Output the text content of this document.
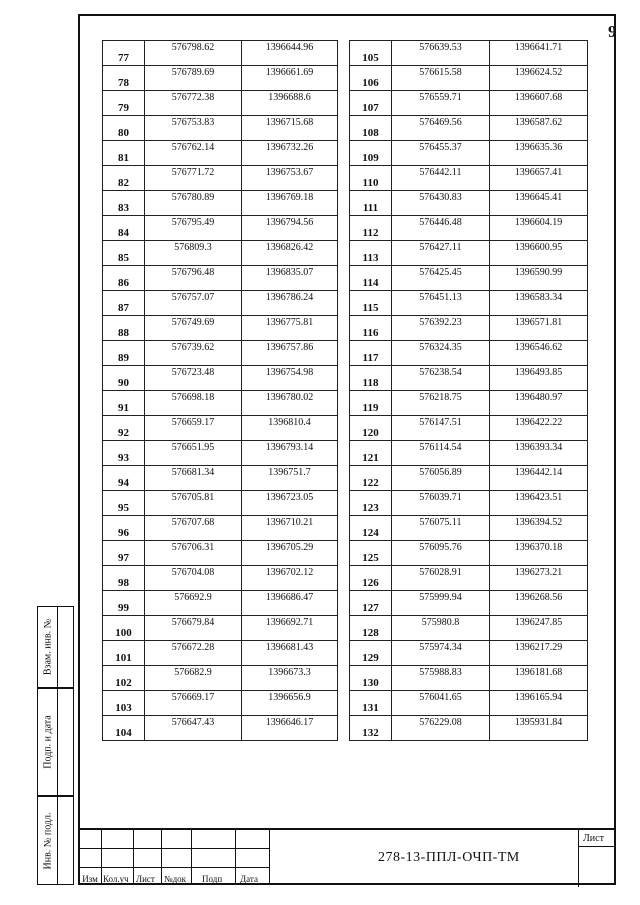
9
77	576798.62	1396644.96
78	576789.69	1396661.69
79	576772.38	1396688.6
80	576753.83	1396715.68
81	576762.14	1396732.26
82	576771.72	1396753.67
83	576780.89	1396769.18
84	576795.49	1396794.56
85	576809.3	1396826.42
86	576796.48	1396835.07
87	576757.07	1396786.24
88	576749.69	1396775.81
89	576739.62	1396757.86
90	576723.48	1396754.98
91	576698.18	1396780.02
92	576659.17	1396810.4
93	576651.95	1396793.14
94	576681.34	1396751.7
95	576705.81	1396723.05
96	576707.68	1396710.21
97	576706.31	1396705.29
98	576704.08	1396702.12
99	576692.9	1396686.47
100	576679.84	1396692.71
101	576672.28	1396681.43
102	576682.9	1396673.3
103	576669.17	1396656.9
104	576647.43	1396646.17
105	576639.53	1396641.71
106	576615.58	1396624.52
107	576559.71	1396607.68
108	576469.56	1396587.62
109	576455.37	1396635.36
110	576442.11	1396657.41
111	576430.83	1396645.41
112	576446.48	1396604.19
113	576427.11	1396600.95
114	576425.45	1396590.99
115	576451.13	1396583.34
116	576392.23	1396571.81
117	576324.35	1396546.62
118	576238.54	1396493.85
119	576218.75	1396480.97
120	576147.51	1396422.22
121	576114.54	1396393.34
122	576056.89	1396442.14
123	576039.71	1396423.51
124	576075.11	1396394.52
125	576095.76	1396370.18
126	576028.91	1396273.21
127	575999.94	1396268.56
128	575980.8	1396247.85
129	575974.34	1396217.29
130	575988.83	1396181.68
131	576041.65	1396165.94
132	576229.08	1395931.84
Взам. инв. №
Подп. и дата
Инв. № подл.
Изм Кол.уч Лист №док Подп Дата
278-13-ППЛ-ОЧП-ТМ
Лист
